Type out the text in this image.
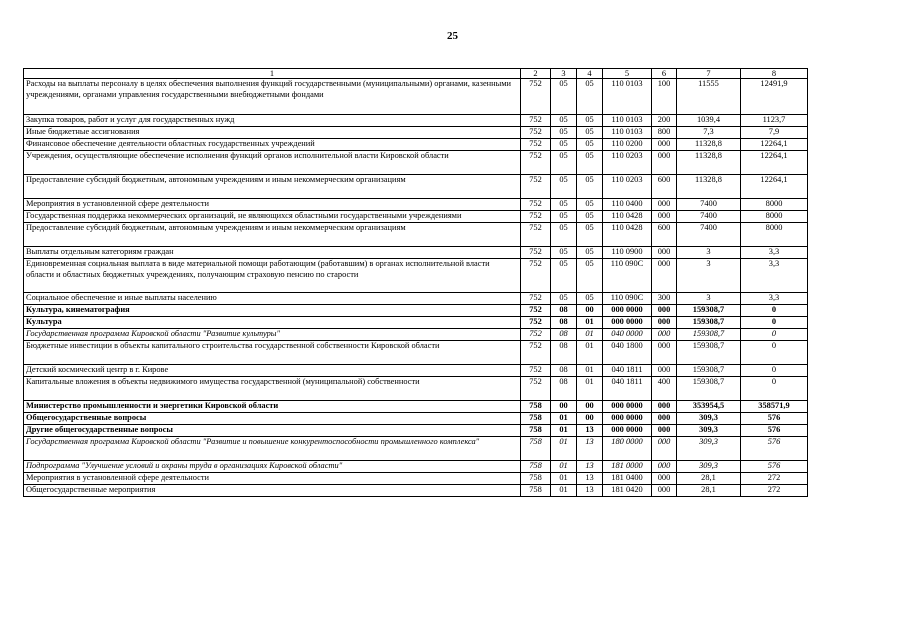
25
1	2	3	4	5	6	7	8
Расходы на выплаты персоналу в целях обеспечения выполнения функций государственными (муниципальными) органами, казенными учреждениями, органами управления государственными внебюджетными фондами	752	05	05	110 0103	100	11555	12491,9
Закупка товаров, работ и услуг для государственных нужд	752	05	05	110 0103	200	1039,4	1123,7
Иные бюджетные ассигнования	752	05	05	110 0103	800	7,3	7,9
Финансовое обеспечение деятельности областных государственных учреждений	752	05	05	110 0200	000	11328,8	12264,1
Учреждения, осуществляющие обеспечение исполнения функций органов исполнительной власти Кировской области	752	05	05	110 0203	000	11328,8	12264,1
Предоставление субсидий бюджетным, автономным учреждениям и иным некоммерческим организациям	752	05	05	110 0203	600	11328,8	12264,1
Мероприятия в установленной сфере деятельности	752	05	05	110 0400	000	7400	8000
Государственная поддержка некоммерческих организаций, не являющихся областными государственными учреждениями	752	05	05	110 0428	000	7400	8000
Предоставление субсидий бюджетным, автономным учреждениям и иным некоммерческим организациям	752	05	05	110 0428	600	7400	8000
Выплаты отдельным категориям граждан	752	05	05	110 0900	000	3	3,3
Единовременная социальная выплата в виде материальной помощи работающим (работавшим) в органах исполнительной власти области и областных бюджетных учреждениях, получающим страховую пенсию по старости	752	05	05	110 090С	000	3	3,3
Социальное обеспечение и иные выплаты населению	752	05	05	110 090С	300	3	3,3
Культура, кинематография	752	08	00	000 0000	000	159308,7	0
Культура	752	08	01	000 0000	000	159308,7	0
Государственная программа Кировской области "Развитие культуры"	752	08	01	040 0000	000	159308,7	0
Бюджетные инвестиции в объекты капитального строительства государственной собственности Кировской области	752	08	01	040 1800	000	159308,7	0
Детский космический центр в г. Кирове	752	08	01	040 1811	000	159308,7	0
Капитальные вложения в объекты недвижимого имущества государственной (муниципальной) собственности	752	08	01	040 1811	400	159308,7	0
Министерство промышленности и энергетики Кировской области	758	00	00	000 0000	000	353954,5	358571,9
Общегосударственные вопросы	758	01	00	000 0000	000	309,3	576
Другие общегосударственные вопросы	758	01	13	000 0000	000	309,3	576
Государственная программа Кировской области "Развитие и повышение конкурентоспособности промышленного комплекса"	758	01	13	180 0000	000	309,3	576
Подпрограмма "Улучшение условий и охраны труда в организациях Кировской области"	758	01	13	181 0000	000	309,3	576
Мероприятия в установленной сфере деятельности	758	01	13	181 0400	000	28,1	272
Общегосударственные мероприятия	758	01	13	181 0420	000	28,1	272
